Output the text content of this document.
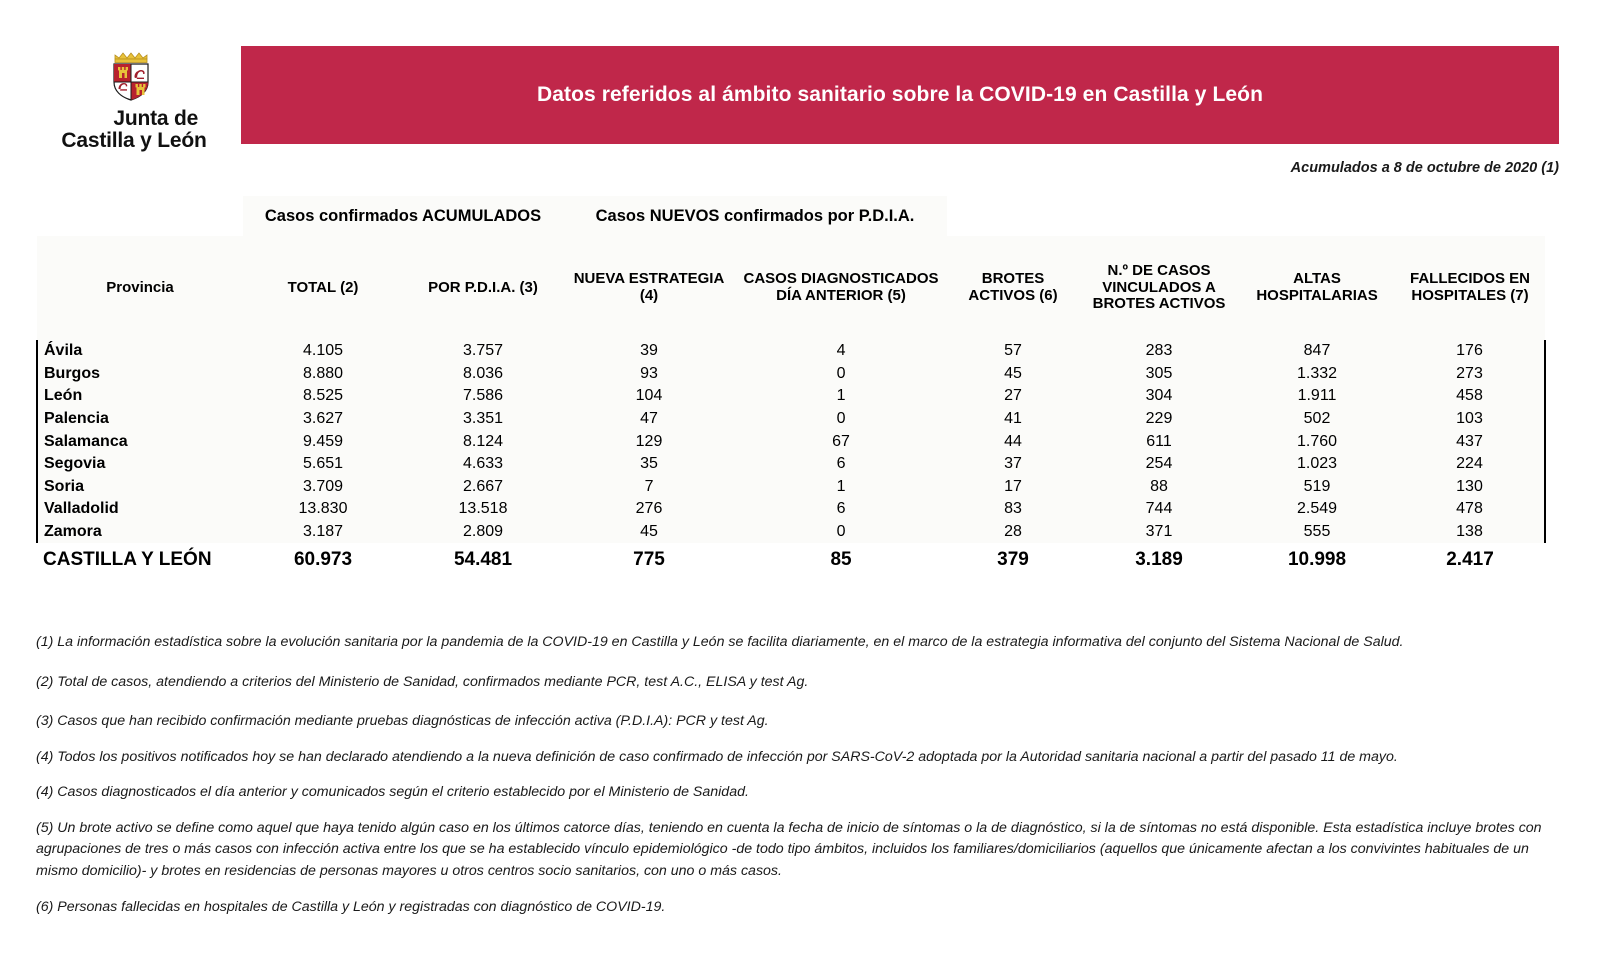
Junta de
Castilla y León
Datos referidos al ámbito sanitario sobre la COVID-19 en Castilla y León
Acumulados a 8 de octubre de 2020 (1)
	Casos confirmados ACUMULADOS		Casos NUEVOS confirmados por P.D.I.A.					
Provincia	TOTAL (2)	POR P.D.I.A. (3)	NUEVA ESTRATEGIA (4)	CASOS DIAGNOSTICADOS DÍA ANTERIOR (5)	BROTES ACTIVOS (6)	N.º DE CASOS VINCULADOS A BROTES ACTIVOS	ALTAS HOSPITALARIAS	FALLECIDOS EN HOSPITALES (7)
Ávila	4.105	3.757	39	4	57	283	847	176
Burgos	8.880	8.036	93	0	45	305	1.332	273
León	8.525	7.586	104	1	27	304	1.911	458
Palencia	3.627	3.351	47	0	41	229	502	103
Salamanca	9.459	8.124	129	67	44	611	1.760	437
Segovia	5.651	4.633	35	6	37	254	1.023	224
Soria	3.709	2.667	7	1	17	88	519	130
Valladolid	13.830	13.518	276	6	83	744	2.549	478
Zamora	3.187	2.809	45	0	28	371	555	138
CASTILLA Y LEÓN	60.973	54.481	775	85	379	3.189	10.998	2.417
(1) La información estadística sobre la evolución sanitaria por la pandemia de la COVID-19 en Castilla y León se facilita diariamente, en el marco de la estrategia informativa del conjunto del Sistema Nacional de Salud.
(2) Total de casos, atendiendo a criterios del Ministerio de Sanidad, confirmados mediante PCR, test A.C., ELISA y test Ag.
(3) Casos que han recibido confirmación mediante pruebas diagnósticas de infección activa (P.D.I.A): PCR y test Ag.
(4) Todos los positivos notificados hoy se han declarado atendiendo a la nueva definición de caso confirmado de infección por SARS-CoV-2 adoptada por la Autoridad sanitaria nacional a partir del pasado 11 de mayo.
(4) Casos diagnosticados el día anterior y comunicados según el criterio establecido por el Ministerio de Sanidad.
(5) Un brote activo se define como aquel que haya tenido algún caso en los últimos catorce días, teniendo en cuenta la fecha de inicio de síntomas o la de diagnóstico, si la de síntomas no está disponible. Esta estadística incluye brotes con agrupaciones de tres o más casos con infección activa entre los que se ha establecido vínculo epidemiológico -de todo tipo ámbitos, incluidos los familiares/domiciliarios (aquellos que únicamente afectan a los convivintes habituales de un mismo domicilio)- y brotes en residencias de personas mayores u otros centros socio sanitarios, con uno o más casos.
(6) Personas fallecidas en hospitales de Castilla y León y registradas con diagnóstico de COVID-19.
